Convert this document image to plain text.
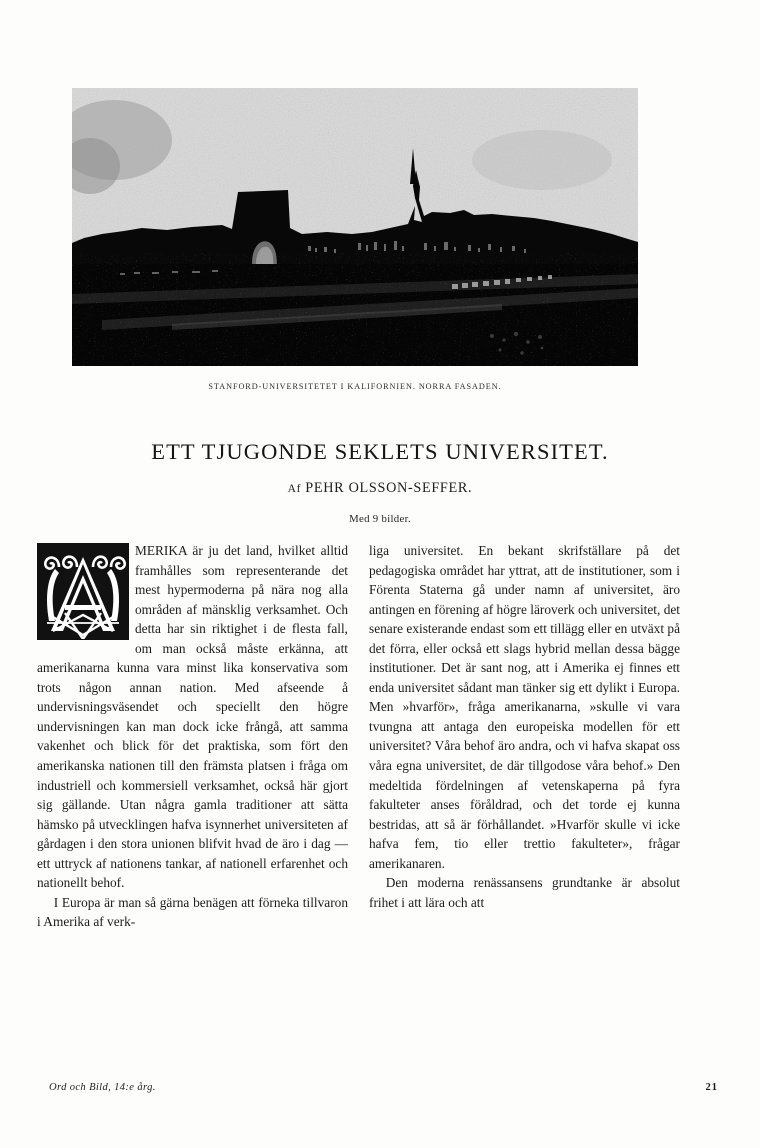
STANFORD-UNIVERSITETET I KALIFORNIEN. NORRA FASADEN.
ETT TJUGONDE SEKLETS UNIVERSITET.
Af PEHR OLSSON-SEFFER.
Med 9 bilder.

MERIKA är ju det land, hvilket alltid framhålles som representerande det mest hypermoderna på nära nog alla områden af mänsklig verksamhet. Och detta har sin riktighet i de flesta fall, om man också måste erkänna, att amerikanarna kunna vara minst lika konservativa som trots någon annan nation. Med afseende å undervisningsväsendet och speciellt den högre undervisningen kan man dock icke frångå, att samma vakenhet och blick för det praktiska, som fört den amerikanska nationen till den främsta platsen i fråga om industriell och kommersiell verksamhet, också här gjort sig gällande. Utan några gamla traditioner att sätta hämsko på utvecklingen hafva isynnerhet universiteten af gårdagen i den stora unionen blifvit hvad de äro i dag — ett uttryck af nationens tankar, af nationell erfarenhet och nationellt behof.

I Europa är man så gärna benägen att förneka tillvaron i Amerika af verk-

liga universitet. En bekant skrifställare på det pedagogiska området har yttrat, att de institutioner, som i Förenta Staterna gå under namn af universitet, äro antingen en förening af högre läroverk och universitet, det senare existerande endast som ett tillägg eller en utväxt på det förra, eller också ett slags hybrid mellan dessa bägge institutioner. Det är sant nog, att i Amerika ej finnes ett enda universitet sådant man tänker sig ett dylikt i Europa. Men »hvarför», fråga amerikanarna, »skulle vi vara tvungna att antaga den europeiska modellen för ett universitet? Våra behof äro andra, och vi hafva skapat oss våra egna universitet, de där tillgodose våra behof.» Den medeltida fördelningen af vetenskaperna på fyra fakulteter anses föråldrad, och det torde ej kunna bestridas, att så är förhållandet. »Hvarför skulle vi icke hafva fem, tio eller trettio fakulteter», frågar amerikanaren.

Den moderna renässansens grundtanke är absolut frihet i att lära och att

Ord och Bild, 14:e årg.	21
